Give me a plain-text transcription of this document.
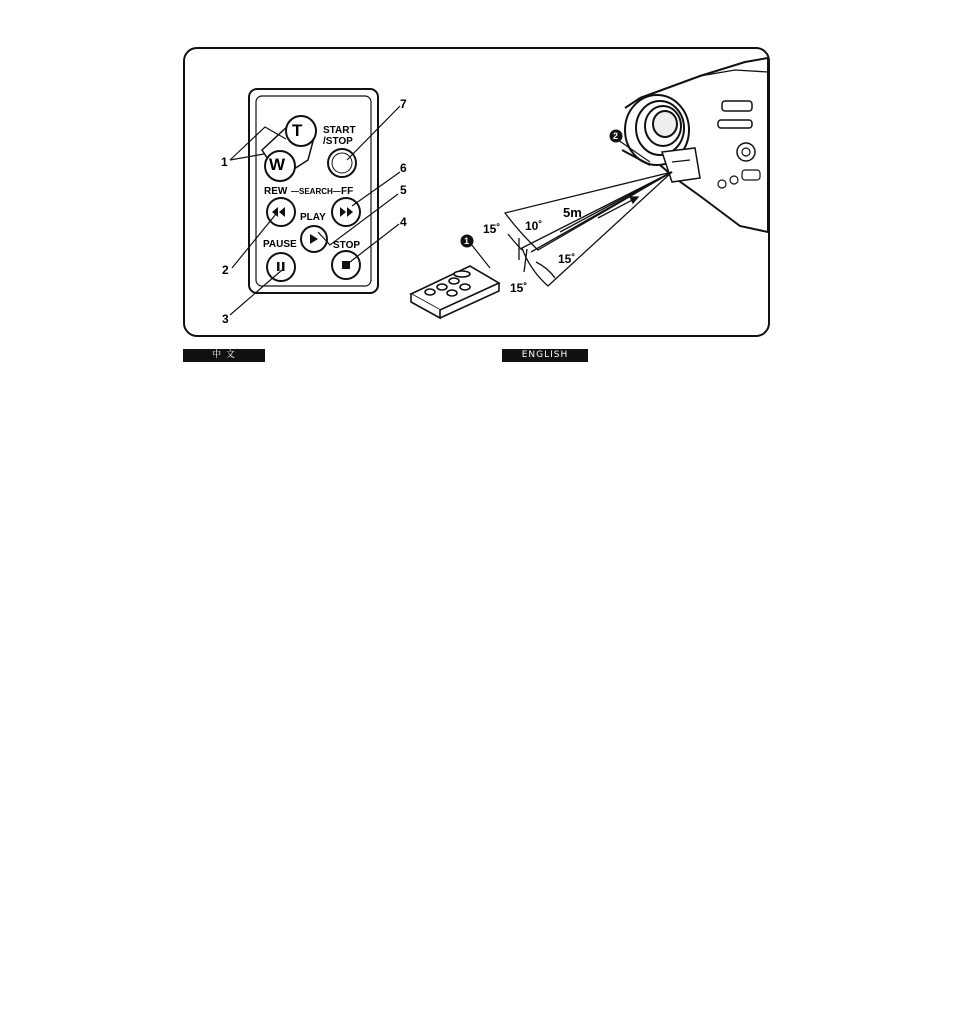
1
2
3
4
5
6
7
T
W
START
/STOP
REW —SEARCH— FF
PLAY
PAUSE	STOP
5m
15˚ 10˚
15˚
15˚
1
2
中 文	ENGLISH
